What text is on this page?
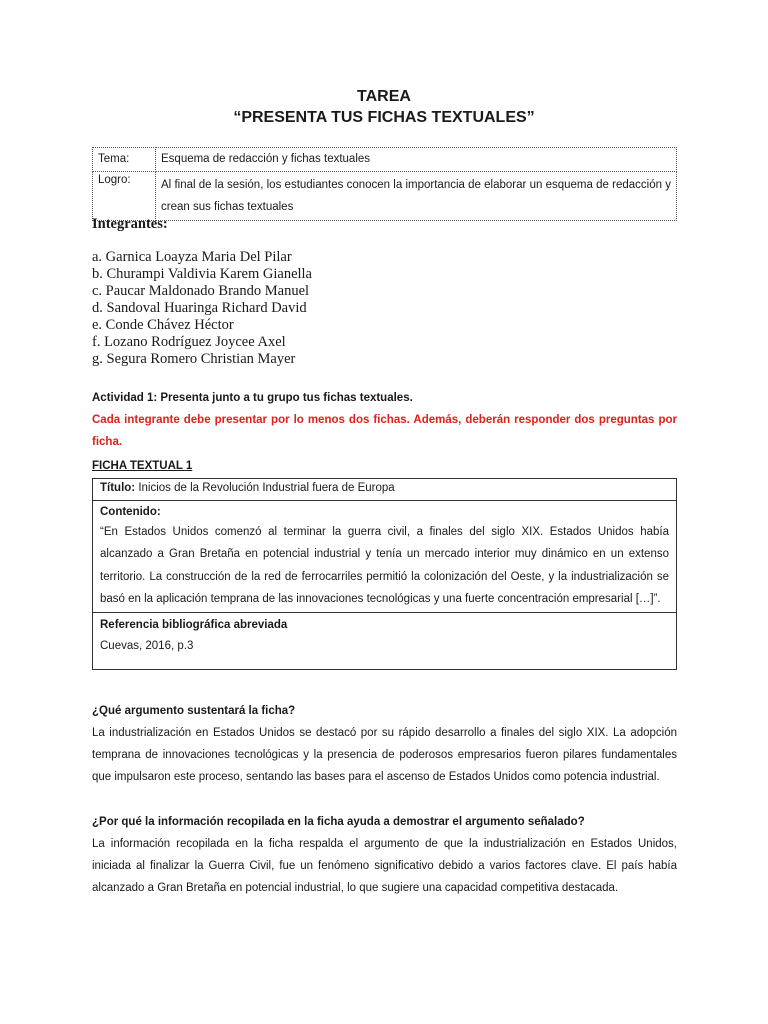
TAREA
“PRESENTA TUS FICHAS TEXTUALES”
Tema:	Esquema de redacción y fichas textuales
Logro:	Al final de la sesión, los estudiantes conocen la importancia de elaborar un esquema de redacción y crean sus fichas textuales
Integrantes:
a. Garnica Loayza Maria Del Pilar
b. Churampi Valdivia Karem Gianella
c. Paucar Maldonado Brando Manuel
d. Sandoval Huaringa Richard David
e. Conde Chávez Héctor
f. Lozano Rodríguez Joycee Axel
g. Segura Romero Christian Mayer

Actividad 1: Presenta junto a tu grupo tus fichas textuales.

Cada integrante debe presentar por lo menos dos fichas. Además, deberán responder dos preguntas por ficha.

FICHA TEXTUAL 1

Título: Inicios de la Revolución Industrial fuera de Europa
Contenido:
“En Estados Unidos comenzó al terminar la guerra civil, a finales del siglo XIX. Estados Unidos había alcanzado a Gran Bretaña en potencial industrial y tenía un mercado interior muy dinámico en un extenso territorio. La construcción de la red de ferrocarriles permitió la colonización del Oeste, y la industrialización se basó en la aplicación temprana de las innovaciones tecnológicas y una fuerte concentración empresarial […]”.
Referencia bibliográfica abreviada
Cuevas, 2016, p.3

¿Qué argumento sustentará la ficha?

La industrialización en Estados Unidos se destacó por su rápido desarrollo a finales del siglo XIX. La adopción temprana de innovaciones tecnológicas y la presencia de poderosos empresarios fueron pilares fundamentales que impulsaron este proceso, sentando las bases para el ascenso de Estados Unidos como potencia industrial.

¿Por qué la información recopilada en la ficha ayuda a demostrar el argumento señalado?

La información recopilada en la ficha respalda el argumento de que la industrialización en Estados Unidos, iniciada al finalizar la Guerra Civil, fue un fenómeno significativo debido a varios factores clave. El país había alcanzado a Gran Bretaña en potencial industrial, lo que sugiere una capacidad competitiva destacada.
